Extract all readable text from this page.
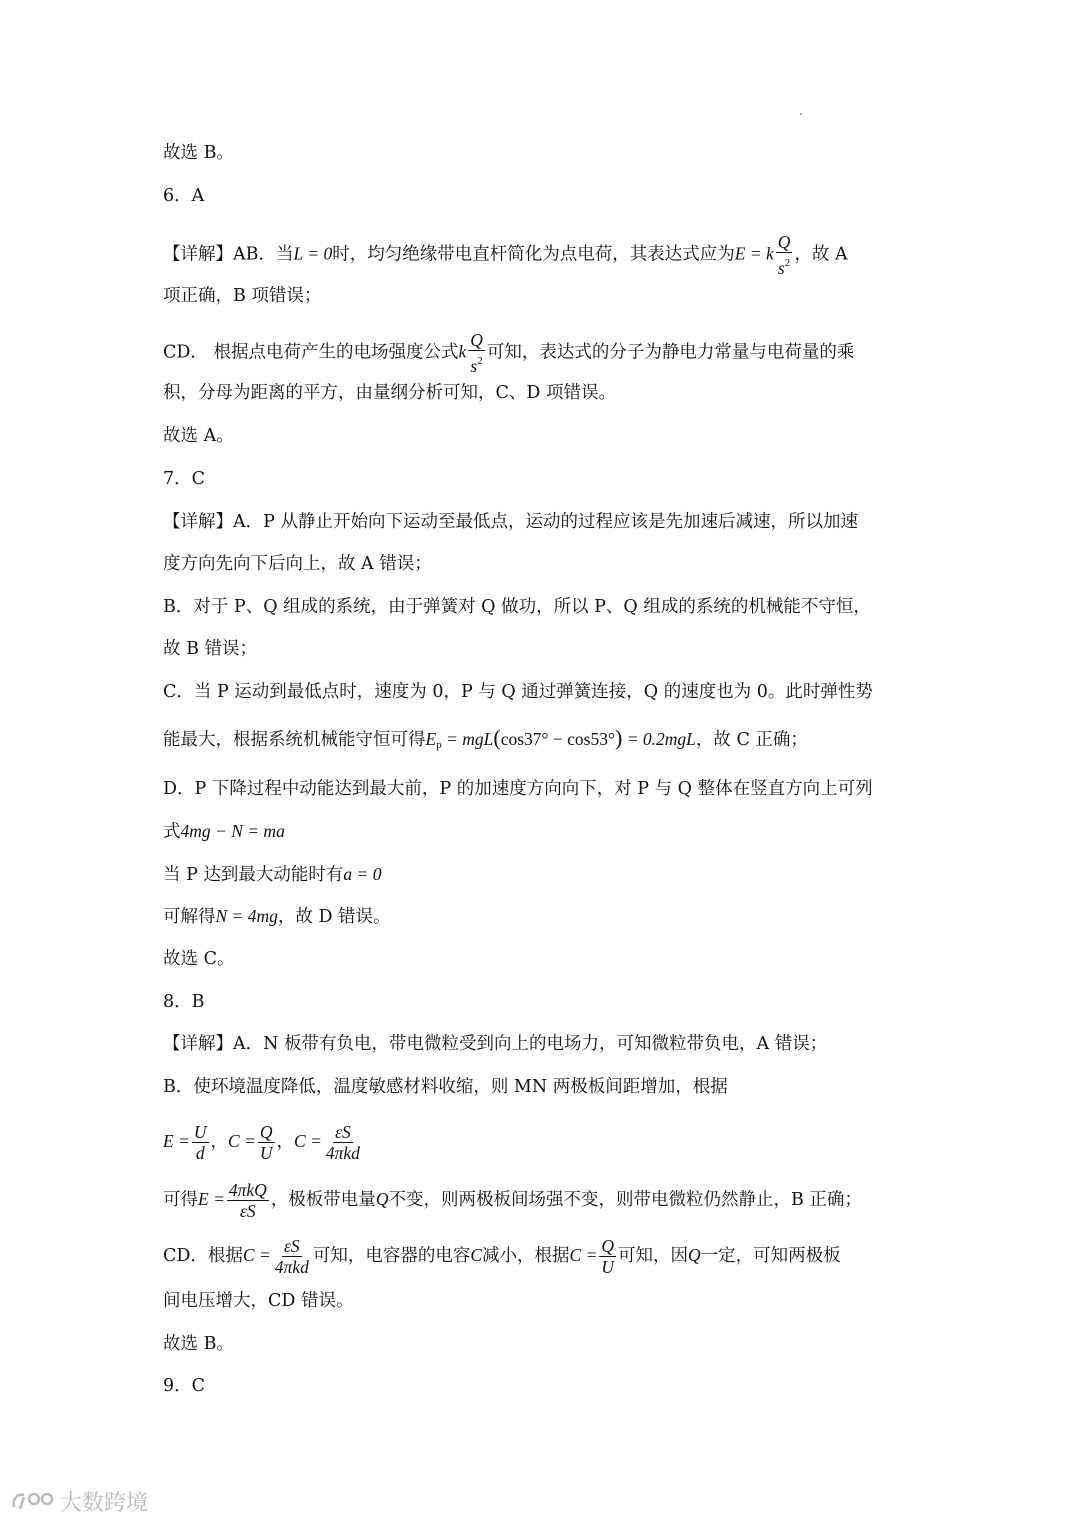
故选 B。
6．A
【详解】AB．当L = 0时，均匀绝缘带电直杆简化为点电荷，其表达式应为E = k $\frac{Q}{s^2}$ ，故 A
项正确，B 项错误；
CD． 根据点电荷产生的电场强度公式k $\frac{Q}{s^2}$ 可知，表达式的分子为静电力常量与电荷量的乘
积，分母为距离的平方，由量纲分析可知，C、D 项错误。
故选 A。
7．C
【详解】A．P 从静止开始向下运动至最低点，运动的过程应该是先加速后减速，所以加速
度方向先向下后向上，故 A 错误；
B．对于 P、Q 组成的系统，由于弹簧对 Q 做功，所以 P、Q 组成的系统的机械能不守恒，
故 B 错误；
C．当 P 运动到最低点时，速度为 0，P 与 Q 通过弹簧连接，Q 的速度也为 0。此时弹性势
能最大，根据系统机械能守恒可得$E_p = mgL(\cos 37^\circ - \cos 53^\circ) = 0.2mgL$，故 C 正确；
D．P 下降过程中动能达到最大前，P 的加速度方向向下，对 P 与 Q 整体在竖直方向上可列
式4mg − N = ma
当 P 达到最大动能时有a = 0
可解得N = 4mg，故 D 错误。
故选 C。
8．B
【详解】A．N 板带有负电，带电微粒受到向上的电场力，可知微粒带负电，A 错误；
B．使环境温度降低，温度敏感材料收缩，则 MN 两极板间距增加，根据
$E = \frac{U}{d}$ ，$C = \frac{Q}{U}$ ，$C = \frac{\varepsilon S}{\text{4πkd}}$
可得$E = \frac{\text{4πkQ}}{\varepsilon S}$ ，极板带电量Q不变，则两极板间场强不变，则带电微粒仍然静止，B 正确；
CD．根据$C = \frac{\varepsilon S}{\text{4πkd}}$ 可知，电容器的电容C减小，根据$C = \frac{Q}{U}$ 可知，因Q一定，可知两极板
间电压增大，CD 错误。
故选 B。
9．C
大数跨境
